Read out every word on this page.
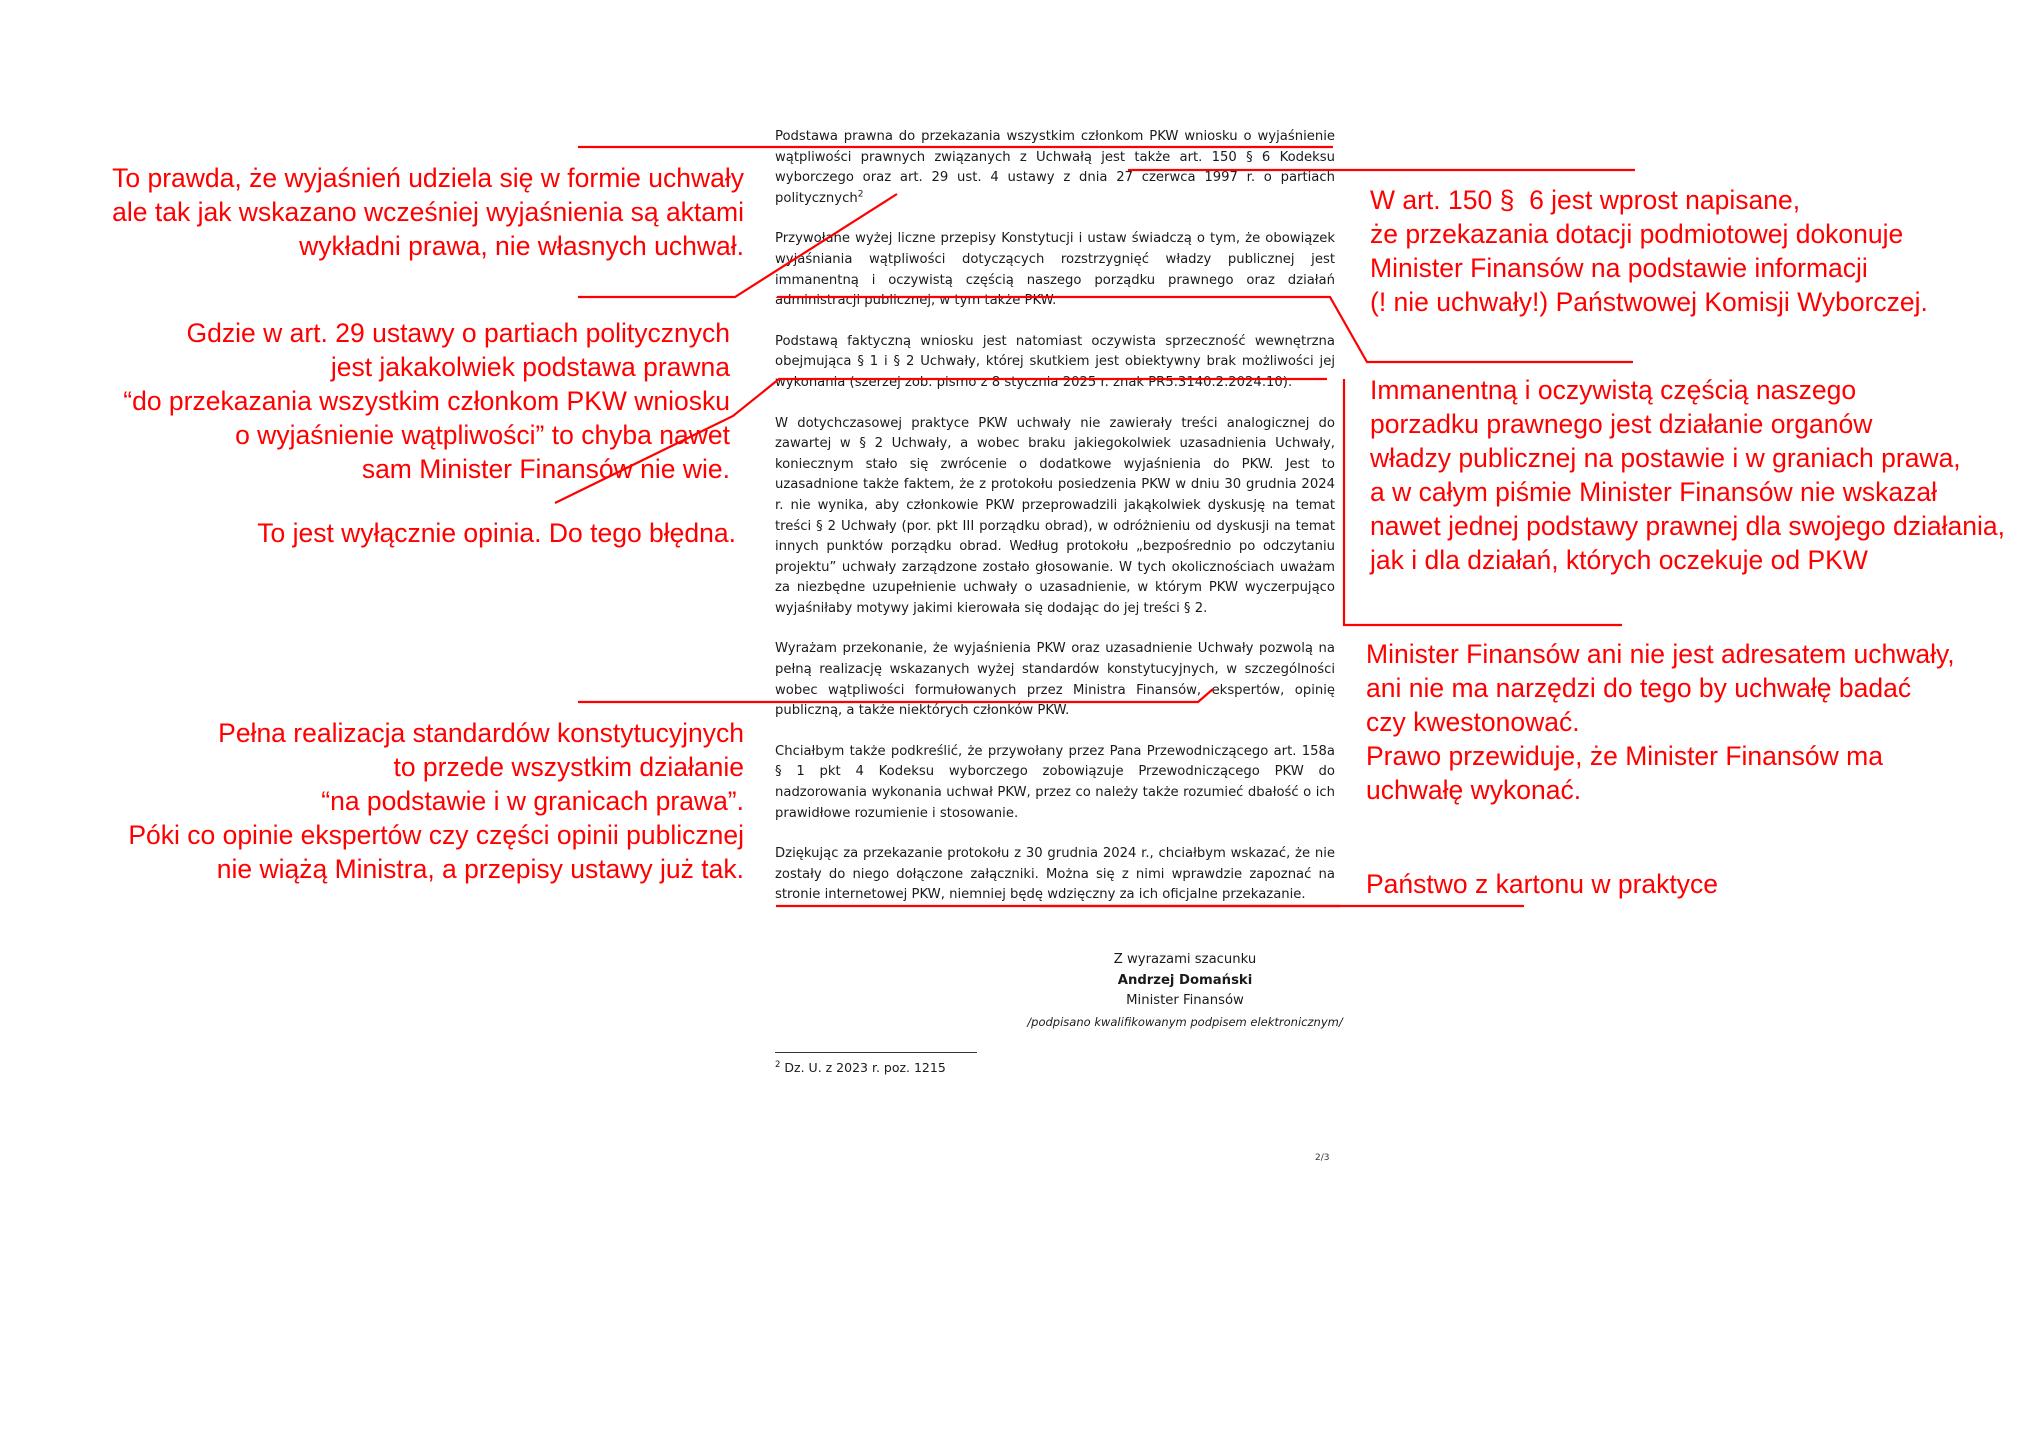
Podstawa prawna do przekazania wszystkim członkom PKW wniosku o wyjaśnienie wątpliwości prawnych związanych z Uchwałą jest także art. 150 § 6 Kodeksu wyborczego oraz art. 29 ust. 4 ustawy z dnia 27 czerwca 1997 r. o partiach politycznych$^2$

Przywołane wyżej liczne przepisy Konstytucji i ustaw świadczą o tym, że obowiązek wyjaśniania wątpliwości dotyczących rozstrzygnięć władzy publicznej jest immanentną i oczywistą częścią naszego porządku prawnego oraz działań administracji publicznej, w tym także PKW.

Podstawą faktyczną wniosku jest natomiast oczywista sprzeczność wewnętrzna obejmująca § 1 i § 2 Uchwały, której skutkiem jest obiektywny brak możliwości jej wykonania (szerzej zob. pismo z 8 stycznia 2025 r. znak PR5.3140.2.2024.10).

W dotychczasowej praktyce PKW uchwały nie zawierały treści analogicznej do zawartej w § 2 Uchwały, a wobec braku jakiegokolwiek uzasadnienia Uchwały, koniecznym stało się zwrócenie o dodatkowe wyjaśnienia do PKW. Jest to uzasadnione także faktem, że z protokołu posiedzenia PKW w dniu 30 grudnia 2024 r. nie wynika, aby członkowie PKW przeprowadzili jakąkolwiek dyskusję na temat treści § 2 Uchwały (por. pkt III porządku obrad), w odróżnieniu od dyskusji na temat innych punktów porządku obrad. Według protokołu „bezpośrednio po odczytaniu projektu” uchwały zarządzone zostało głosowanie. W tych okolicznościach uważam za niezbędne uzupełnienie uchwały o uzasadnienie, w którym PKW wyczerpująco wyjaśniłaby motywy jakimi kierowała się dodając do jej treści § 2.

Wyrażam przekonanie, że wyjaśnienia PKW oraz uzasadnienie Uchwały pozwolą na pełną realizację wskazanych wyżej standardów konstytucyjnych, w szczególności wobec wątpliwości formułowanych przez Ministra Finansów, ekspertów, opinię publiczną, a także niektórych członków PKW.

Chciałbym także podkreślić, że przywołany przez Pana Przewodniczącego art. 158a § 1 pkt 4 Kodeksu wyborczego zobowiązuje Przewodniczącego PKW do nadzorowania wykonania uchwał PKW, przez co należy także rozumieć dbałość o ich prawidłowe rozumienie i stosowanie.

Dziękując za przekazanie protokołu z 30 grudnia 2024 r., chciałbym wskazać, że nie zostały do niego dołączone załączniki. Można się z nimi wprawdzie zapoznać na stronie internetowej PKW, niemniej będę wdzięczny za ich oficjalne przekazanie.

Z wyrazami szacunku
Andrzej Domański
Minister Finansów
/podpisano kwalifikowanym podpisem elektronicznym/
$^2$ Dz. U. z 2023 r. poz. 1215
2/3
To prawda, że wyjaśnień udziela się w formie uchwały
ale tak jak wskazano wcześniej wyjaśnienia są aktami
wykładni prawa, nie własnych uchwał.
Gdzie w art. 29 ustawy o partiach politycznych
jest jakakolwiek podstawa prawna
“do przekazania wszystkim członkom PKW wniosku
o wyjaśnienie wątpliwości” to chyba nawet
sam Minister Finansów nie wie.
To jest wyłącznie opinia. Do tego błędna.
Pełna realizacja standardów konstytucyjnych
to przede wszystkim działanie
“na podstawie i w granicach prawa”.
Póki co opinie ekspertów czy części opinii publicznej
nie wiążą Ministra, a przepisy ustawy już tak.
W art. 150 §  6 jest wprost napisane,
że przekazania dotacji podmiotowej dokonuje
Minister Finansów na podstawie informacji
(! nie uchwały!) Państwowej Komisji Wyborczej.
Immanentną i oczywistą częścią naszego
porzadku prawnego jest działanie organów
władzy publicznej na postawie i w graniach prawa,
a w całym piśmie Minister Finansów nie wskazał
nawet jednej podstawy prawnej dla swojego działania,
jak i dla działań, których oczekuje od PKW
Minister Finansów ani nie jest adresatem uchwały,
ani nie ma narzędzi do tego by uchwałę badać
czy kwestonować.
Prawo przewiduje, że Minister Finansów ma
uchwałę wykonać.
Państwo z kartonu w praktyce
